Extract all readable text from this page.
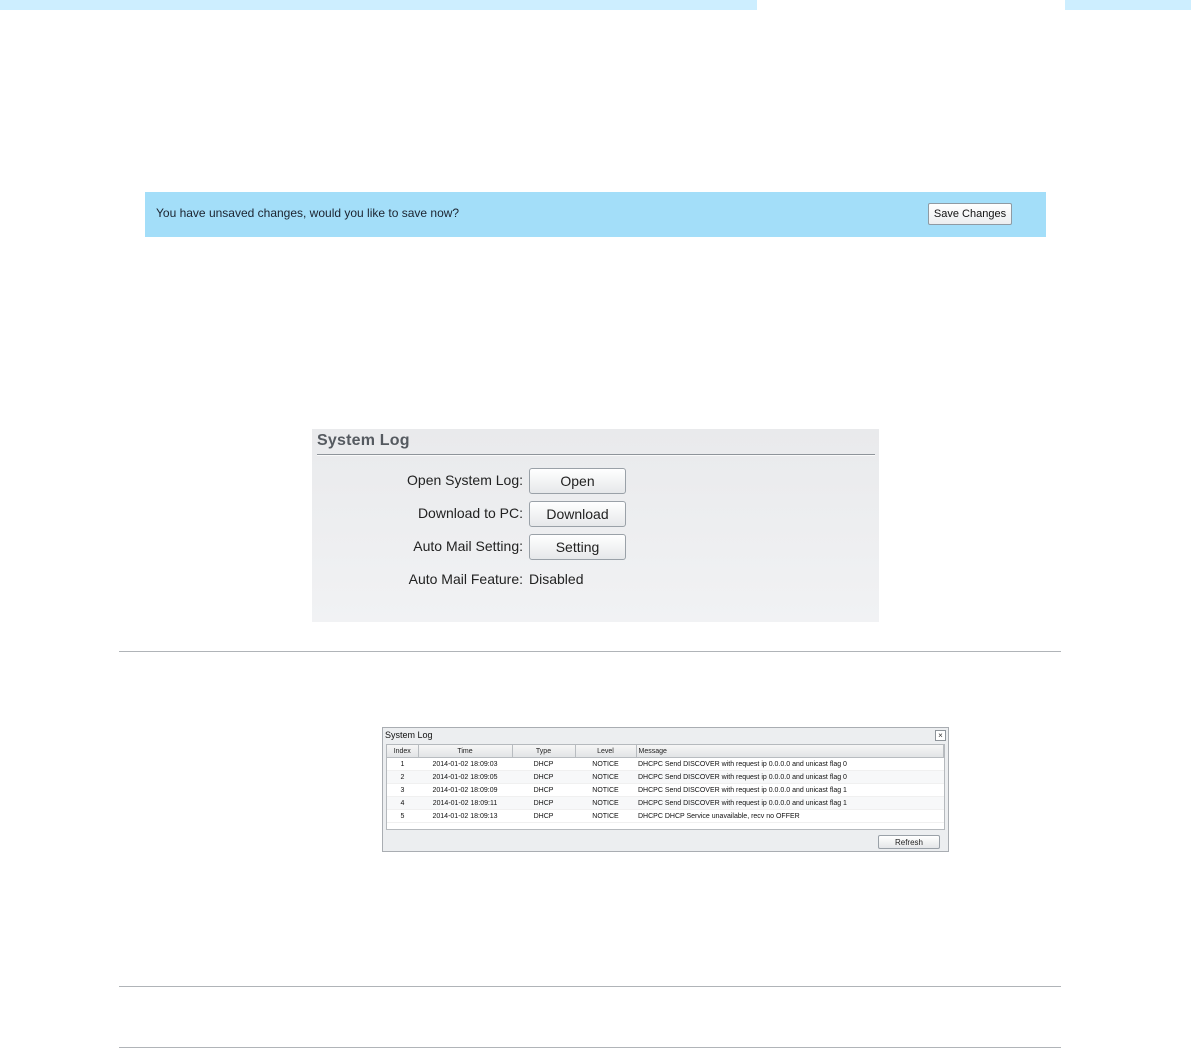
You have unsaved changes, would you like to save now?	Save Changes
System Log
Open System Log:	Open
Download to PC:	Download
Auto Mail Setting:	Setting
Auto Mail Feature: Disabled
System Log	×
Index	Time	Type	Level	Message
1	2014-01-02 18:09:03	DHCP	NOTICE	DHCPC Send DISCOVER with request ip 0.0.0.0 and unicast flag 0
2	2014-01-02 18:09:05	DHCP	NOTICE	DHCPC Send DISCOVER with request ip 0.0.0.0 and unicast flag 0
3	2014-01-02 18:09:09	DHCP	NOTICE	DHCPC Send DISCOVER with request ip 0.0.0.0 and unicast flag 1
4	2014-01-02 18:09:11	DHCP	NOTICE	DHCPC Send DISCOVER with request ip 0.0.0.0 and unicast flag 1
5	2014-01-02 18:09:13	DHCP	NOTICE	DHCPC DHCP Service unavailable, recv no OFFER
Refresh
